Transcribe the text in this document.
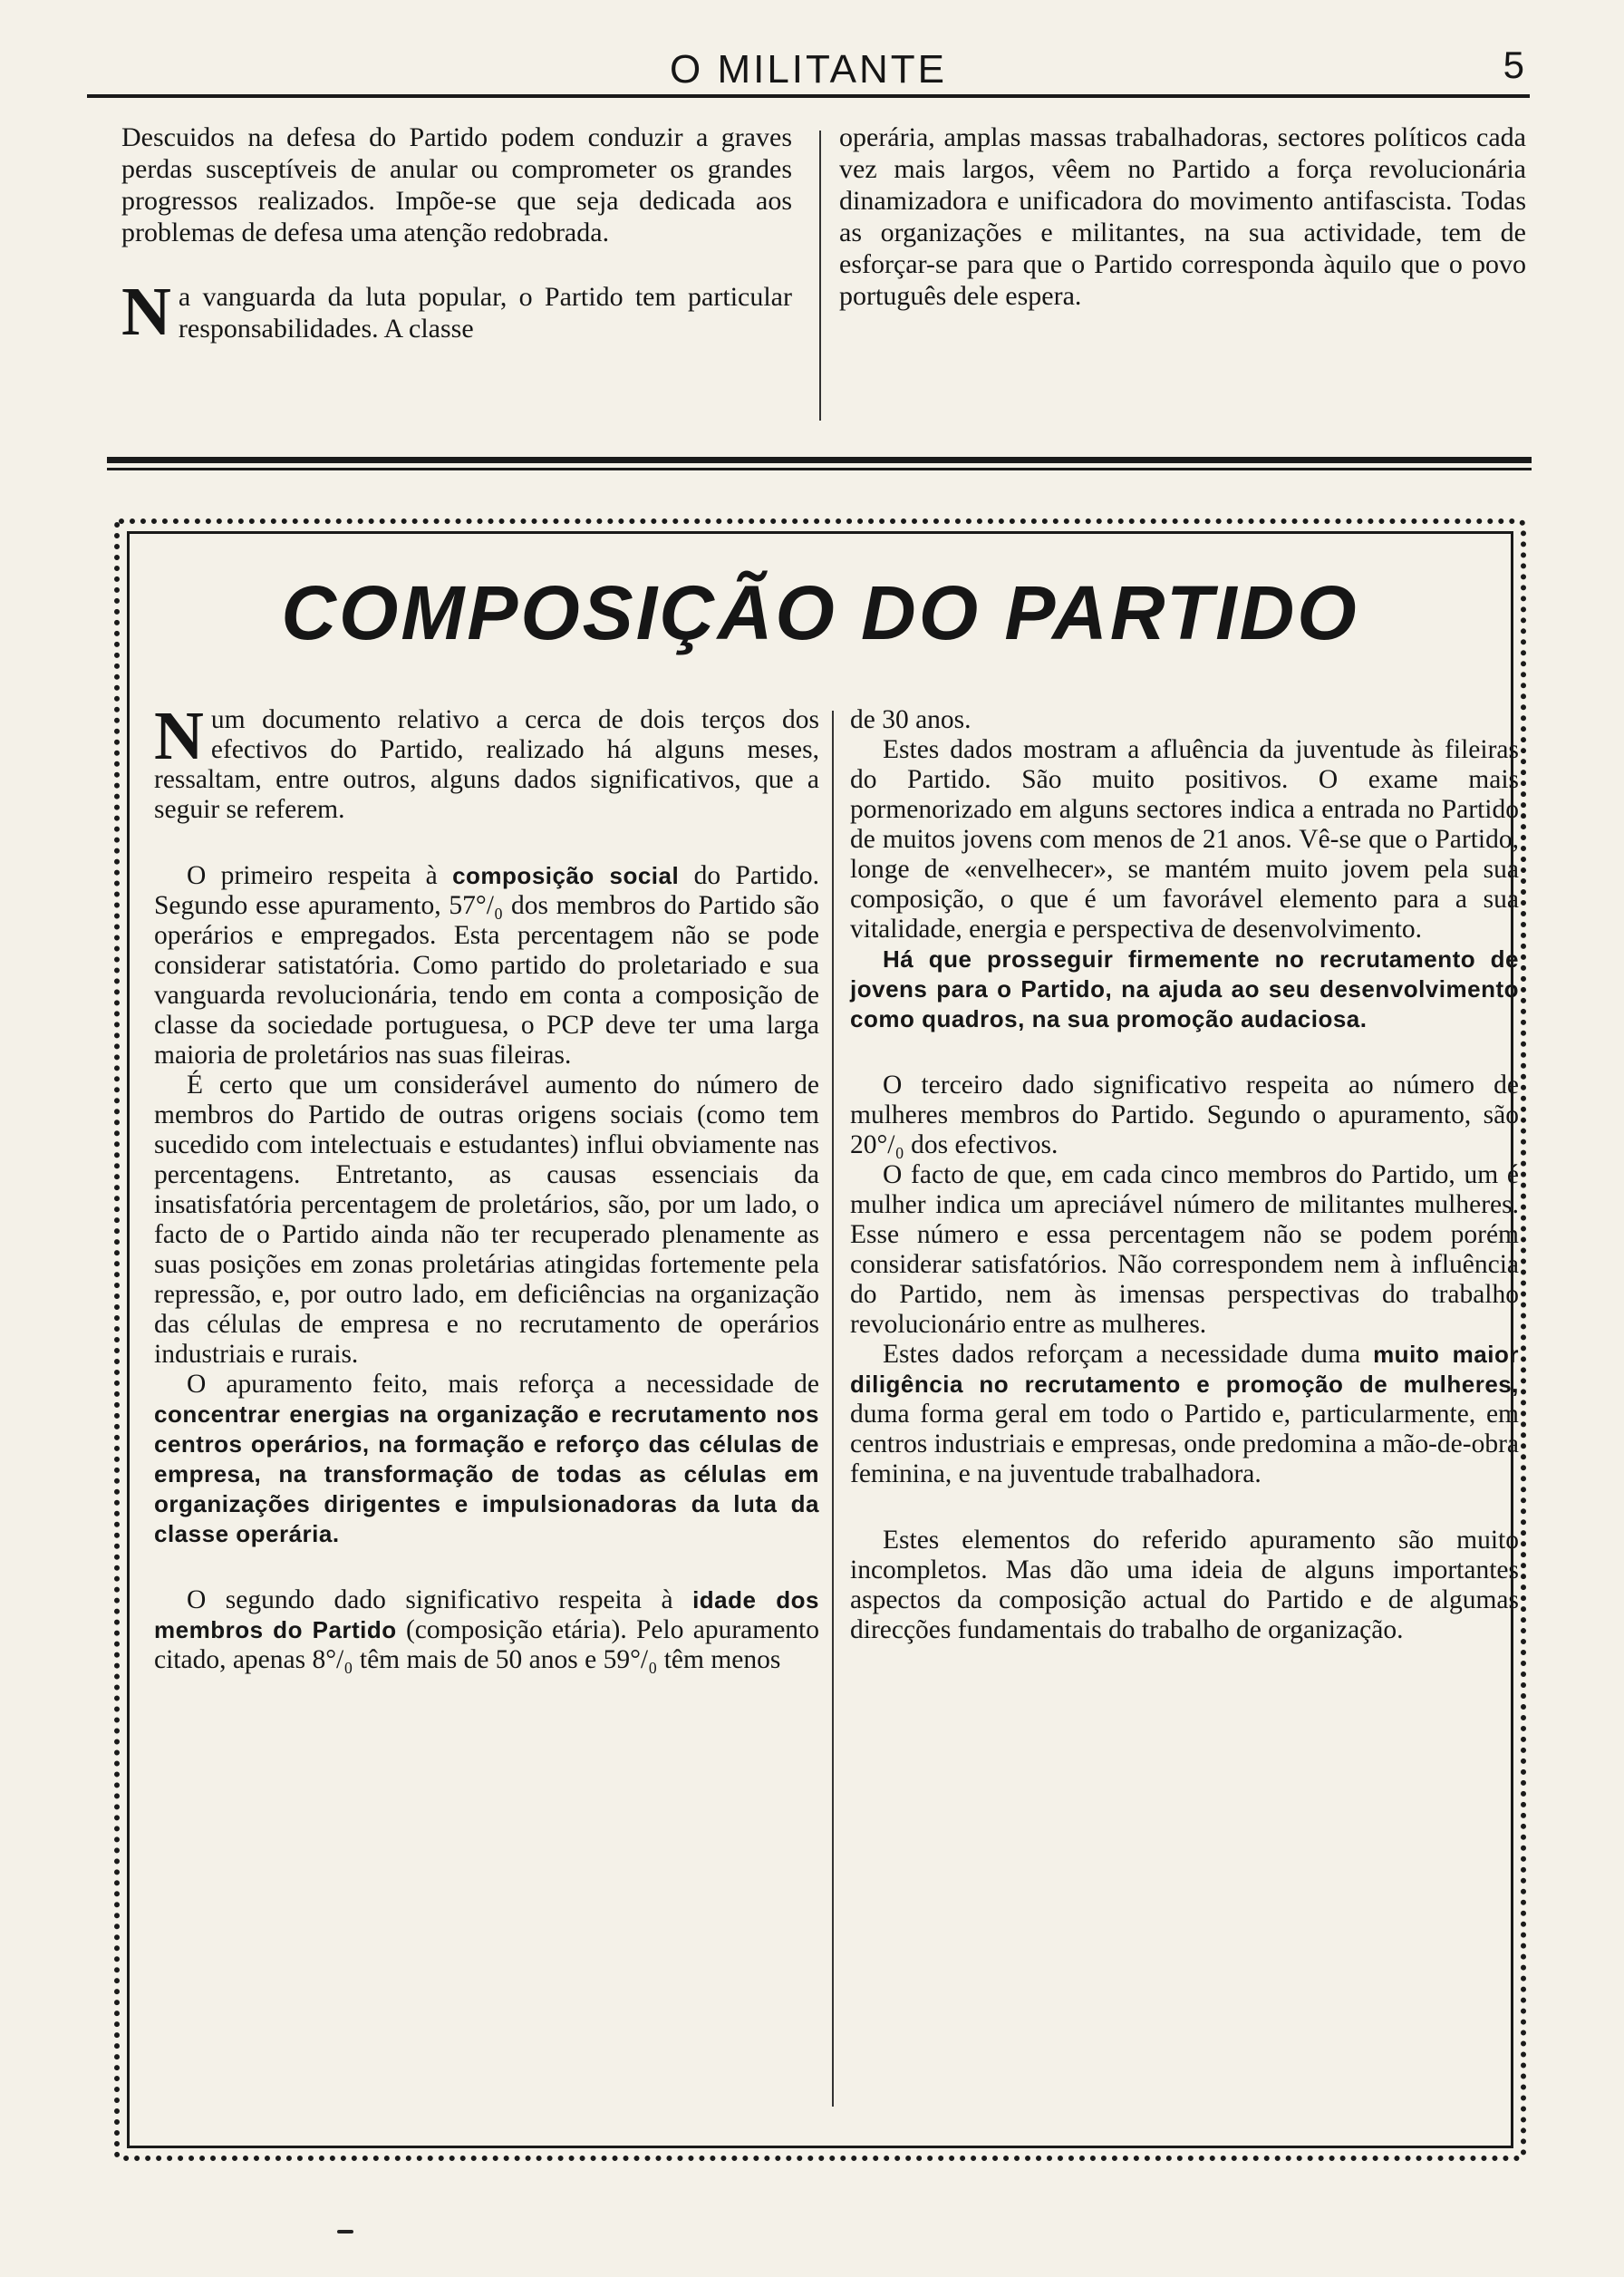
O MILITANTE	5

Descuidos na defesa do Partido podem conduzir a graves perdas susceptíveis de anular ou comprometer os grandes progressos realizados. Impõe-se que seja dedicada aos problemas de defesa uma atenção redobrada.

Na vanguarda da luta popular, o Partido tem particular responsabilidades. A classe

operária, amplas massas trabalhadoras, sectores políticos cada vez mais largos, vêem no Partido a força revolucionária dinamizadora e unificadora do movimento antifascista. Todas as organizações e militantes, na sua actividade, tem de esforçar-se para que o Partido corresponda àquilo que o povo português dele espera.

COMPOSIÇÃO DO PARTIDO

Num documento relativo a cerca de dois terços dos efectivos do Partido, realizado há alguns meses, ressaltam, entre outros, alguns dados significativos, que a seguir se referem.

O primeiro respeita à composição social do Partido. Segundo esse apuramento, 57°/₀ dos membros do Partido são operários e empregados. Esta percentagem não se pode considerar satistatória. Como partido do proletariado e sua vanguarda revolucionária, tendo em conta a composição de classe da sociedade portuguesa, o PCP deve ter uma larga maioria de proletários nas suas fileiras.

É certo que um considerável aumento do número de membros do Partido de outras origens sociais (como tem sucedido com intelectuais e estudantes) influi obviamente nas percentagens. Entretanto, as causas essenciais da insatisfatória percentagem de proletários, são, por um lado, o facto de o Partido ainda não ter recuperado plenamente as suas posições em zonas proletárias atingidas fortemente pela repressão, e, por outro lado, em deficiências na organização das células de empresa e no recrutamento de operários industriais e rurais.

O apuramento feito, mais reforça a necessidade de concentrar energias na organização e recrutamento nos centros operários, na formação e reforço das células de empresa, na transformação de todas as células em organizações dirigentes e impulsionadoras da luta da classe operária.

O segundo dado significativo respeita à idade dos membros do Partido (composição etária). Pelo apuramento citado, apenas 8°/₀ têm mais de 50 anos e 59°/₀ têm menos

de 30 anos.

Estes dados mostram a afluência da juventude às fileiras do Partido. São muito positivos. O exame mais pormenorizado em alguns sectores indica a entrada no Partido de muitos jovens com menos de 21 anos. Vê-se que o Partido, longe de «envelhecer», se mantém muito jovem pela sua composição, o que é um favorável elemento para a sua vitalidade, energia e perspectiva de desenvolvimento.

Há que prosseguir firmemente no recrutamento de jovens para o Partido, na ajuda ao seu desenvolvimento como quadros, na sua promoção audaciosa.

O terceiro dado significativo respeita ao número de mulheres membros do Partido. Segundo o apuramento, são 20°/₀ dos efectivos.

O facto de que, em cada cinco membros do Partido, um é mulher indica um apreciável número de militantes mulheres. Esse número e essa percentagem não se podem porém considerar satisfatórios. Não correspondem nem à influência do Partido, nem às imensas perspectivas do trabalho revolucionário entre as mulheres.

Estes dados reforçam a necessidade duma muito maior diligência no recrutamento e promoção de mulheres, duma forma geral em todo o Partido e, particularmente, em centros industriais e empresas, onde predomina a mão-de-obra feminina, e na juventude trabalhadora.

Estes elementos do referido apuramento são muito incompletos. Mas dão uma ideia de alguns importantes aspectos da composição actual do Partido e de algumas direcções fundamentais do trabalho de organização.
